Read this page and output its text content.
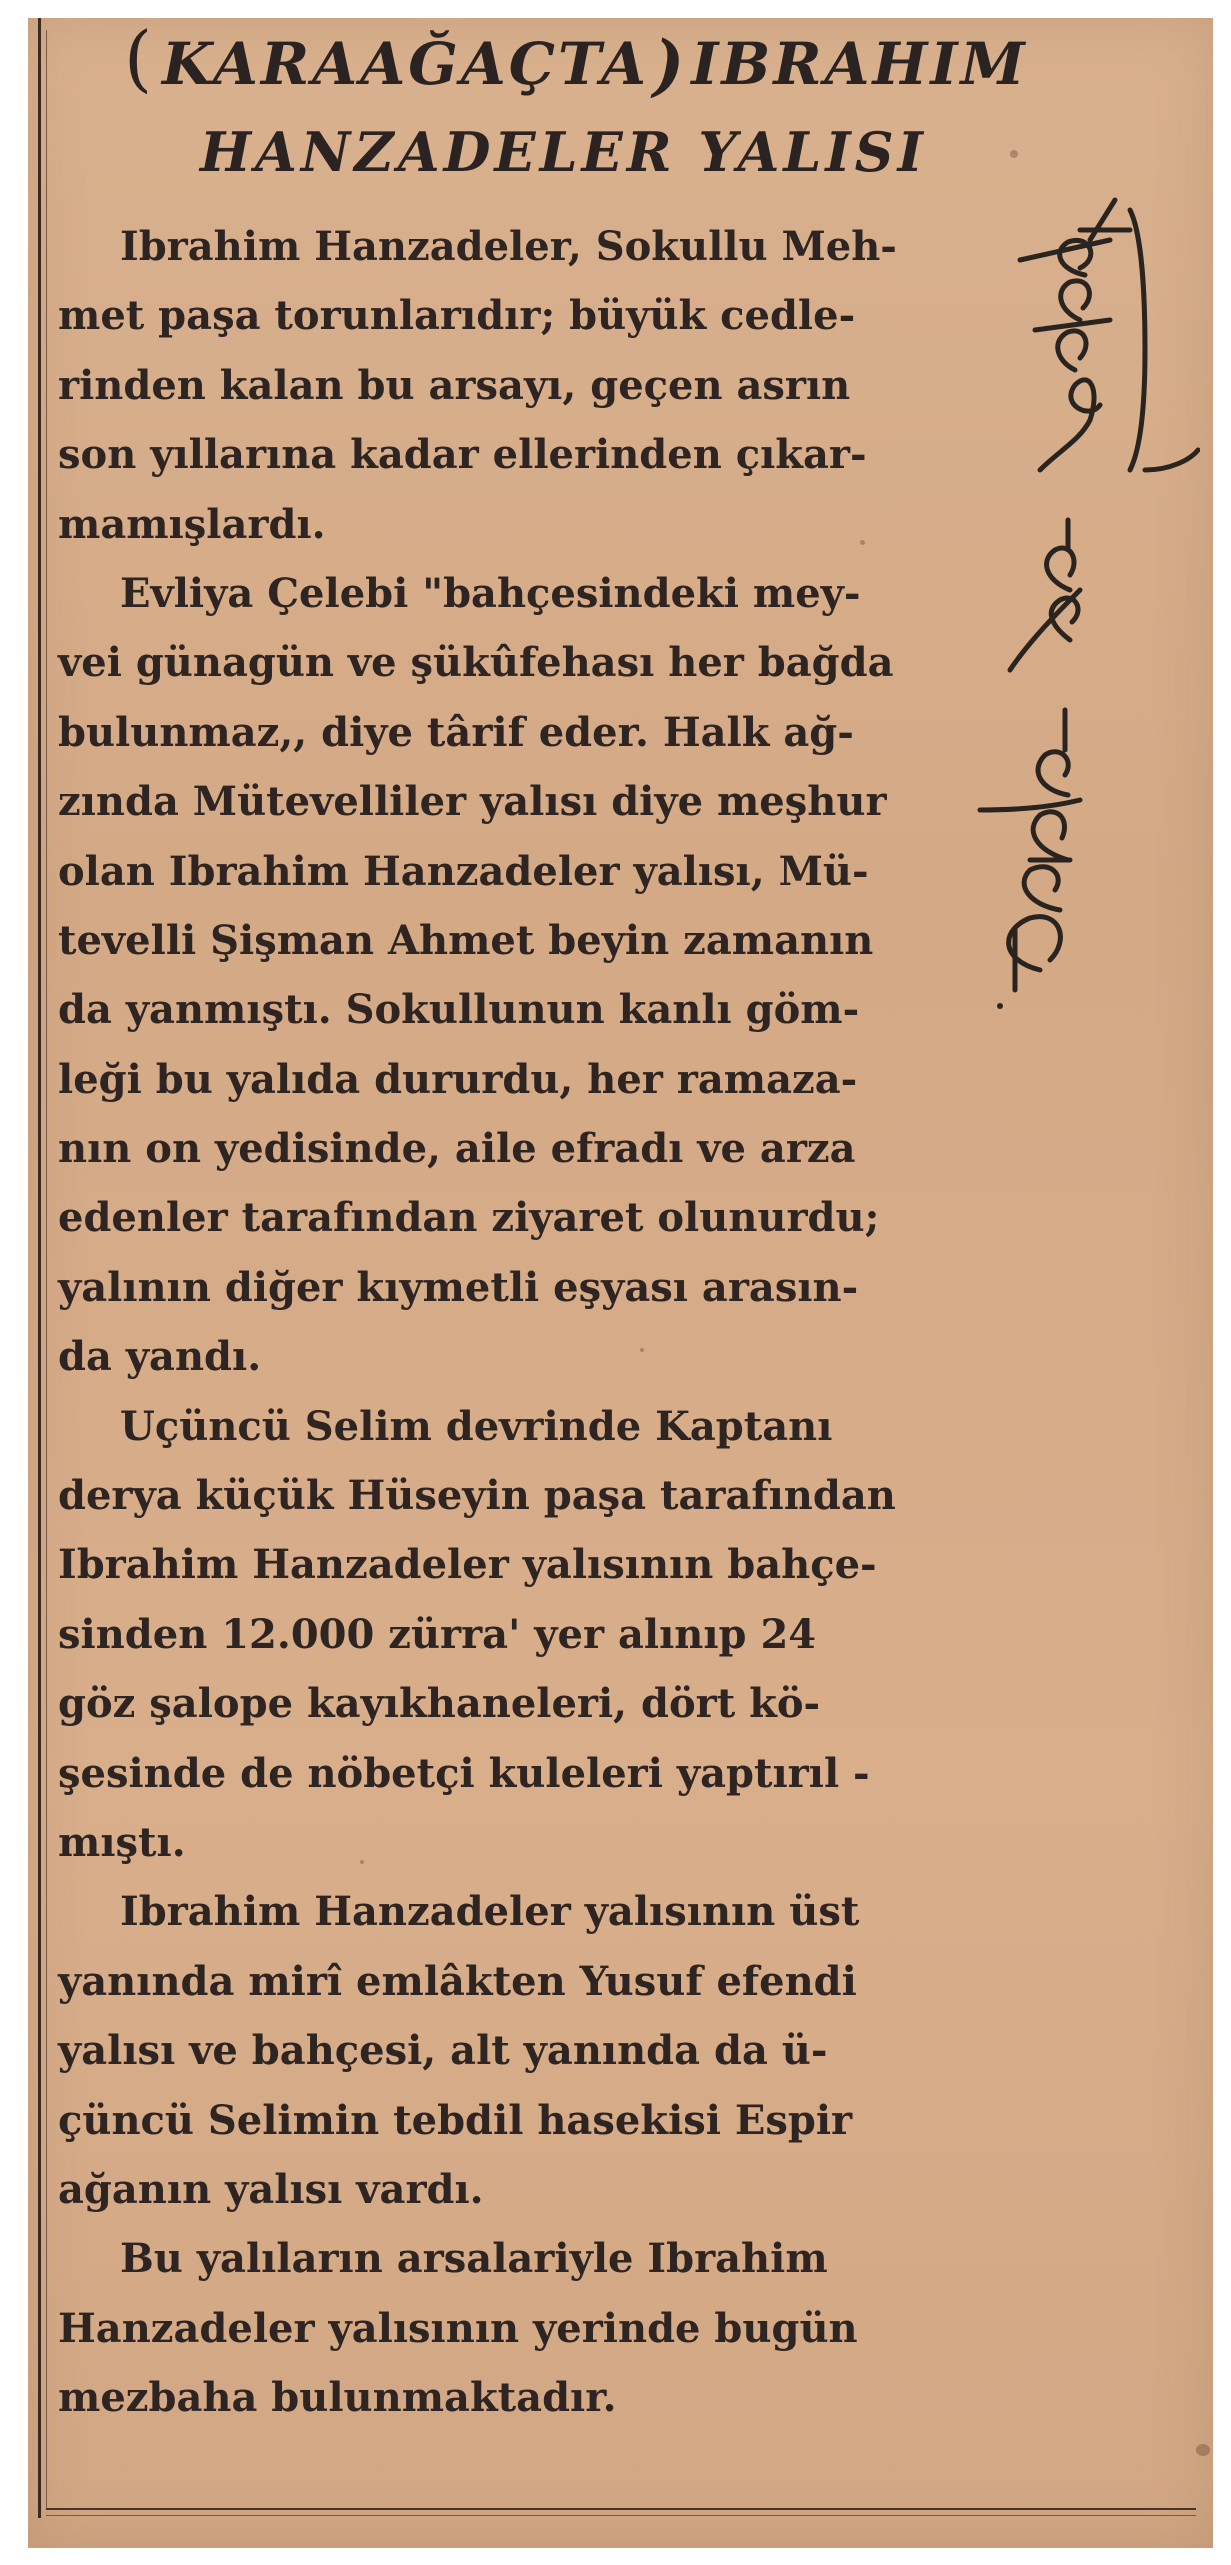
( KARAAĞAÇTA)IBRAHIM
HANZADELER YALISI
Ibrahim Hanzadeler, Sokullu Meh-
met paşa torunlarıdır; büyük cedle-
rinden kalan bu arsayı, geçen asrın
son yıllarına kadar ellerinden çıkar-
mamışlardı.
Evliya Çelebi "bahçesindeki mey-
vei günagün ve şükûfehası her bağda
bulunmaz,, diye târif eder. Halk ağ-
zında Mütevelliler yalısı diye meşhur
olan Ibrahim Hanzadeler yalısı, Mü-
tevelli Şişman Ahmet beyin zamanın
da yanmıştı. Sokullunun kanlı göm-
leği bu yalıda dururdu, her ramaza-
nın on yedisinde, aile efradı ve arza
edenler tarafından ziyaret olunurdu;
yalının diğer kıymetli eşyası arasın-
da yandı.
Uçüncü Selim devrinde Kaptanı
derya küçük Hüseyin paşa tarafından
Ibrahim Hanzadeler yalısının bahçe-
sinden 12.000 zürra' yer alınıp 24
göz şalope kayıkhaneleri, dört kö-
şesinde de nöbetçi kuleleri yaptırıl -
mıştı.
Ibrahim Hanzadeler yalısının üst
yanında mirî emlâkten Yusuf efendi
yalısı ve bahçesi, alt yanında da ü-
çüncü Selimin tebdil hasekisi Espir
ağanın yalısı vardı.
Bu yalıların arsalariyle Ibrahim
Hanzadeler yalısının yerinde bugün
mezbaha bulunmaktadır.
